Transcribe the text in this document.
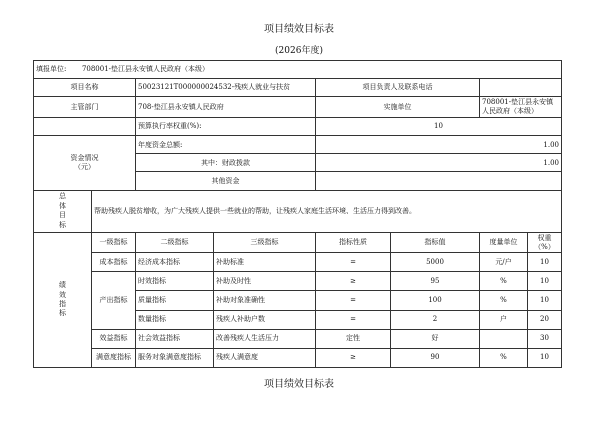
项目绩效目标表
(2026年度)
填报单位: 708001-垫江县永安镇人民政府（本级）							
项目名称		50023121T000000024532-残疾人就业与扶贫		项目负责人及联系电话			
主管部门		708-垫江县永安镇人民政府		实施单位		708001-垫江县永安镇人民政府（本级）	
		预算执行率权重(%):		10			

资金情况
（元）		年度资金总额:		1.00			
		其中：财政拨款		1.00			
		其他资金					

总
体
目
标	帮助残疾人脱贫增收，为广大残疾人提供一些就业的帮助，让残疾人家庭生活环境、生活压力得到改善。						

绩
效
指
标	一级指标	二级指标	三级指标	指标性质	指标值	度量单位	权重（%）
	成本指标	经济成本指标	补助标准	=	5000	元/户	10
	产出指标	时效指标	补助及时性	≥	95	%	10
		质量指标	补助对象准确性	=	100	%	10
		数量指标	残疾人补助户数	=	2	户	20
	效益指标	社会效益指标	改善残疾人生活压力	定性	好		30
	满意度指标	服务对象满意度指标	残疾人满意度	≥	90	%	10
项目绩效目标表
